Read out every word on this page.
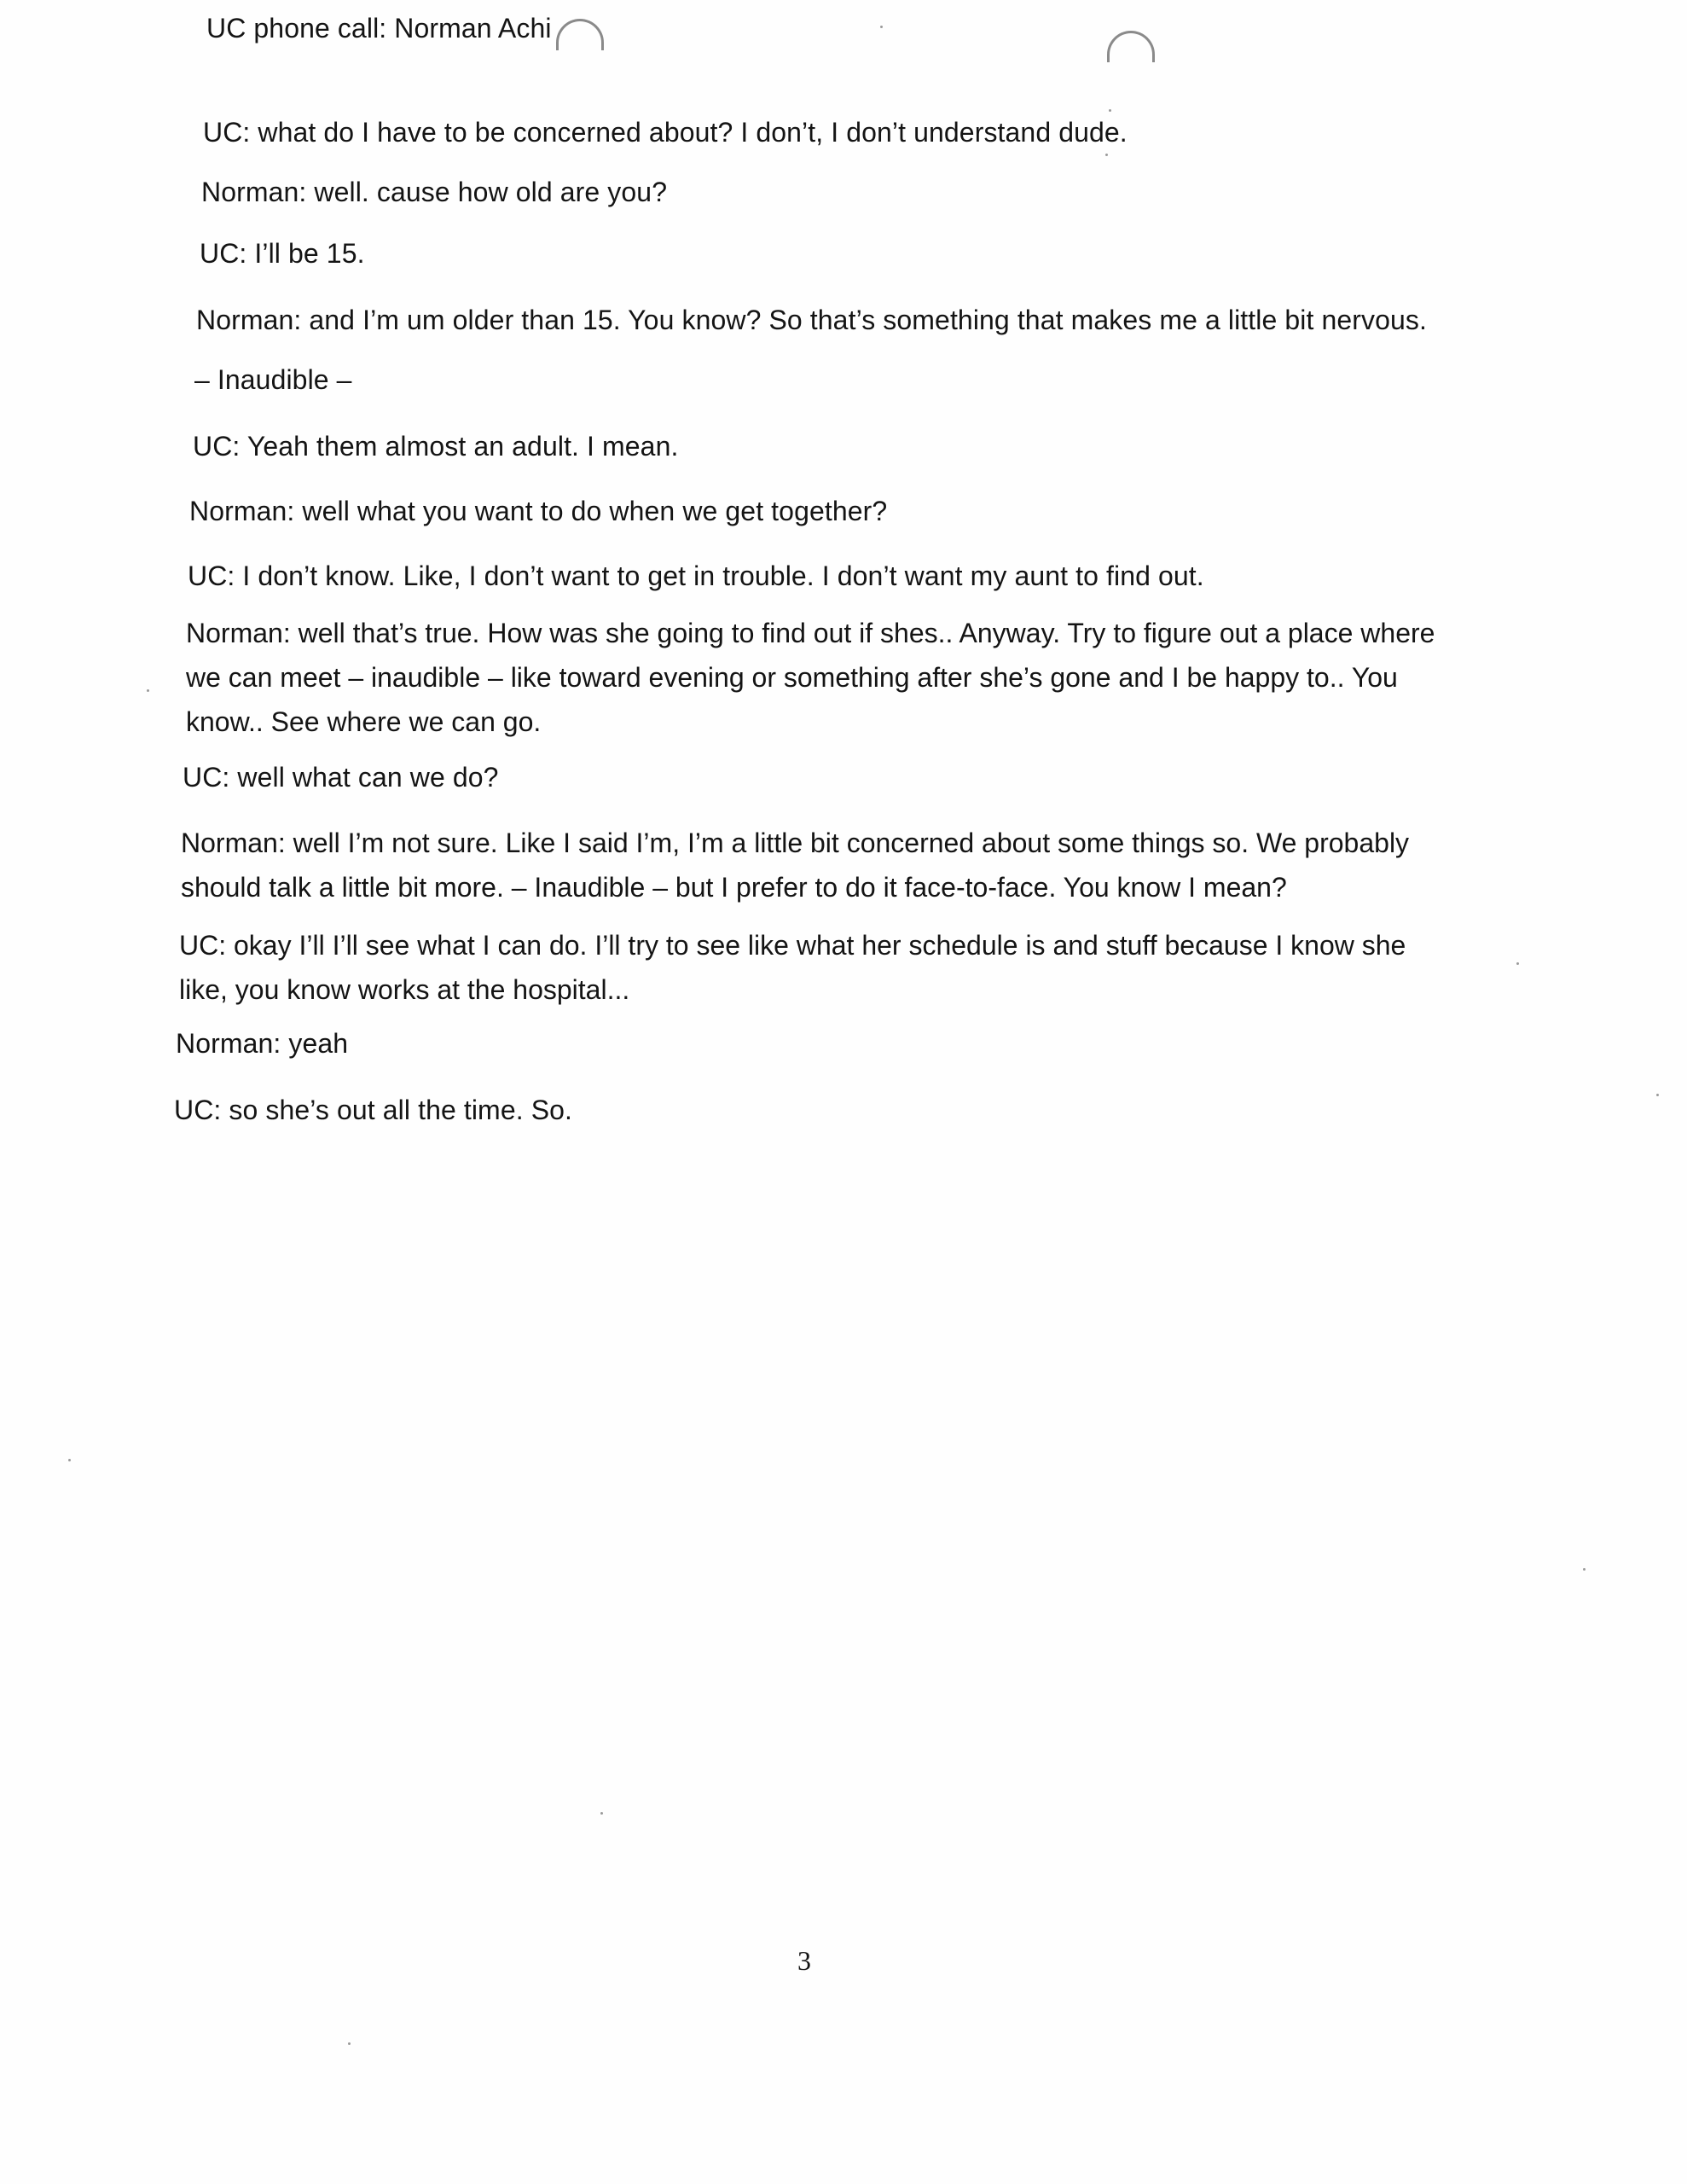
UC phone call: Norman Achi
UC: what do I have to be concerned about? I don’t, I don’t understand dude.
Norman: well. cause how old are you?
UC: I’ll be 15.
Norman: and I’m um older than 15. You know? So that’s something that makes me a little bit nervous.
– Inaudible –
UC: Yeah them almost an adult. I mean.
Norman: well what you want to do when we get together?
UC: I don’t know. Like, I don’t want to get in trouble. I don’t want my aunt to find out.
Norman: well that’s true. How was she going to find out if shes.. Anyway. Try to figure out a place where
we can meet – inaudible – like toward evening or something after she’s gone and I be happy to.. You
know.. See where we can go.
UC: well what can we do?
Norman: well I’m not sure. Like I said I’m, I’m a little bit concerned about some things so. We probably
should talk a little bit more. – Inaudible – but I prefer to do it face-to-face. You know I mean?
UC: okay I’ll I’ll see what I can do. I’ll try to see like what her schedule is and stuff because I know she
like, you know works at the hospital...
Norman: yeah
UC: so she’s out all the time. So.
3
